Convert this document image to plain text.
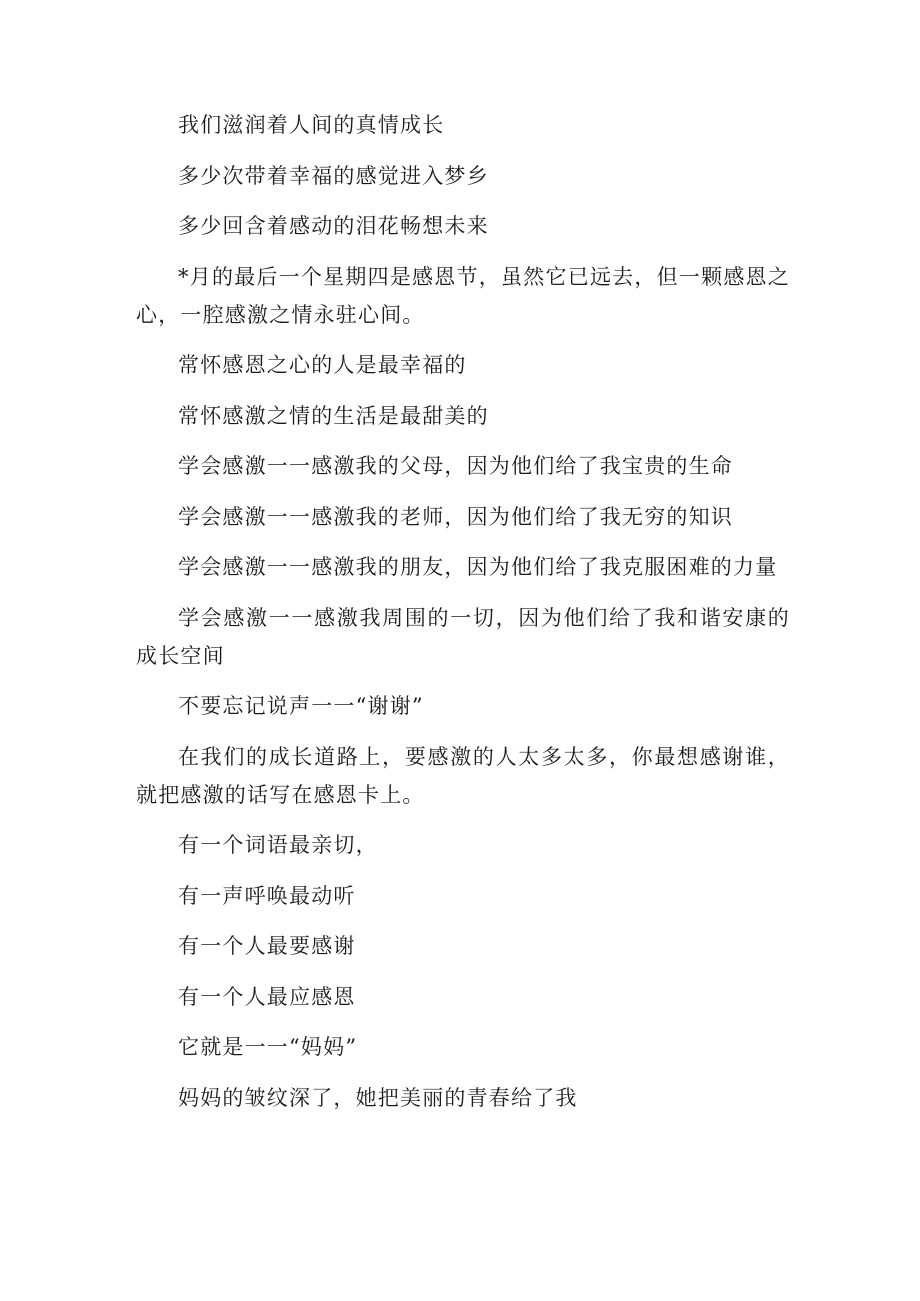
我们滋润着人间的真情成长

多少次带着幸福的感觉进入梦乡

多少回含着感动的泪花畅想未来

*月的最后一个星期四是感恩节，虽然它已远去，但一颗感恩之心，一腔感激之情永驻心间。

常怀感恩之心的人是最幸福的

常怀感激之情的生活是最甜美的

学会感激一一感激我的父母，因为他们给了我宝贵的生命

学会感激一一感激我的老师，因为他们给了我无穷的知识

学会感激一一感激我的朋友，因为他们给了我克服困难的力量

学会感激一一感激我周围的一切，因为他们给了我和谐安康的成长空间

不要忘记说声一一“谢谢”

在我们的成长道路上，要感激的人太多太多，你最想感谢谁，就把感激的话写在感恩卡上。

有一个词语最亲切，

有一声呼唤最动听

有一个人最要感谢

有一个人最应感恩

它就是一一“妈妈”

妈妈的皱纹深了，她把美丽的青春给了我
